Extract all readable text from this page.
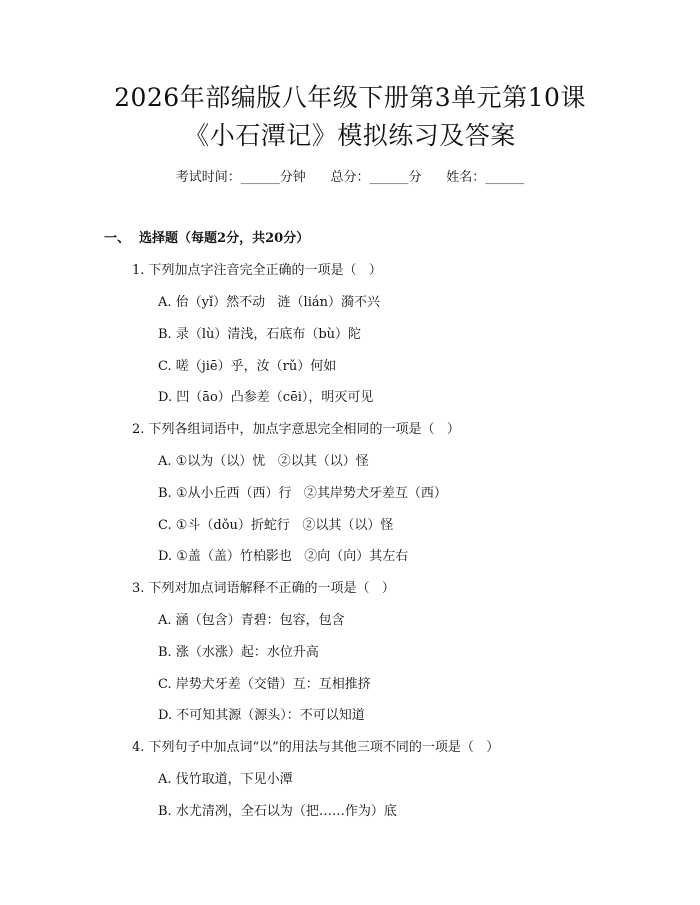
2026年部编版八年级下册第3单元第10课
《小石潭记》模拟练习及答案
考试时间：______分钟      总分：______分      姓名：______
一、  选择题（每题2分，共20分）
1. 下列加点字注音完全正确的一项是（   ）
A. 佁（yǐ）然不动   涟（lián）漪不兴
B. 录（lù）清浅，石底布（bù）陀
C. 嗟（jiē）乎，汝（rǔ）何如
D. 凹（āo）凸参差（cēi），明灭可见
2. 下列各组词语中，加点字意思完全相同的一项是（   ）
A. ①以为（以）忧   ②以其（以）怪
B. ①从小丘西（西）行   ②其岸势犬牙差互（西）
C. ①斗（dǒu）折蛇行   ②以其（以）怪
D. ①盖（盖）竹柏影也   ②向（向）其左右
3. 下列对加点词语解释不正确的一项是（   ）
A. 涵（包含）青碧：包容，包含
B. 涨（水涨）起：水位升高
C. 岸势犬牙差（交错）互：互相推挤
D. 不可知其源（源头）：不可以知道
4. 下列句子中加点词“以”的用法与其他三项不同的一项是（   ）
A. 伐竹取道，下见小潭
B. 水尤清冽，全石以为（把……作为）底
